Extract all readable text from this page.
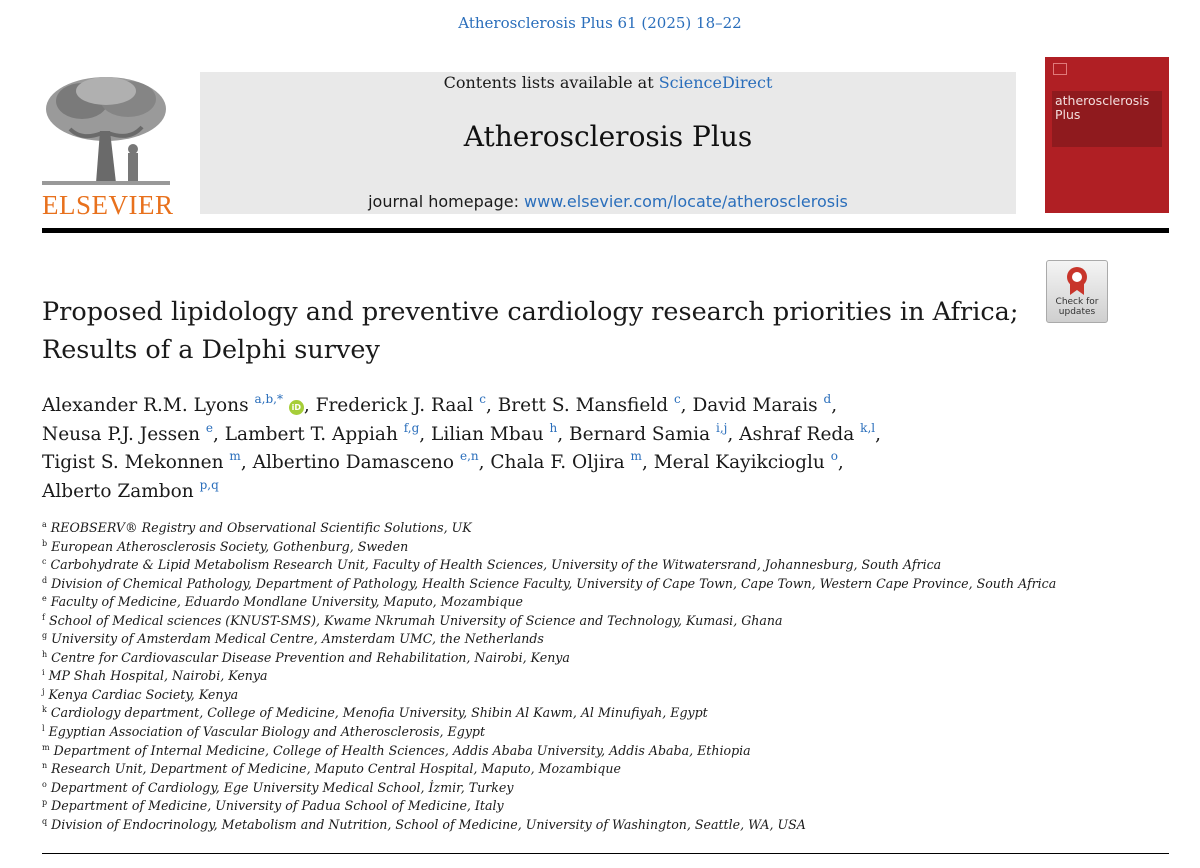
Atherosclerosis Plus 61 (2025) 18–22
ELSEVIER
Contents lists available at ScienceDirect
Atherosclerosis Plus
journal homepage: www.elsevier.com/locate/atherosclerosis
atherosclerosis Plus
Check for
updates
Proposed lipidology and preventive cardiology research priorities in Africa;
Results of a Delphi survey
Alexander R.M. Lyons $^{a,b,*}$ iD , Frederick J. Raal $^c$, Brett S. Mansfield $^c$, David Marais $^d$,
Neusa P.J. Jessen $^e$, Lambert T. Appiah $^{f,g}$, Lilian Mbau $^h$, Bernard Samia $^{i,j}$, Ashraf Reda $^{k,l}$,
Tigist S. Mekonnen $^m$, Albertino Damasceno $^{e,n}$, Chala F. Oljira $^m$, Meral Kayikcioglu $^o$,
Alberto Zambon $^{p,q}$
$^a$ REOBSERV® Registry and Observational Scientific Solutions, UK
$^b$ European Atherosclerosis Society, Gothenburg, Sweden
$^c$ Carbohydrate & Lipid Metabolism Research Unit, Faculty of Health Sciences, University of the Witwatersrand, Johannesburg, South Africa
$^d$ Division of Chemical Pathology, Department of Pathology, Health Science Faculty, University of Cape Town, Cape Town, Western Cape Province, South Africa
$^e$ Faculty of Medicine, Eduardo Mondlane University, Maputo, Mozambique
$^f$ School of Medical sciences (KNUST-SMS), Kwame Nkrumah University of Science and Technology, Kumasi, Ghana
$^g$ University of Amsterdam Medical Centre, Amsterdam UMC, the Netherlands
$^h$ Centre for Cardiovascular Disease Prevention and Rehabilitation, Nairobi, Kenya
$^i$ MP Shah Hospital, Nairobi, Kenya
$^j$ Kenya Cardiac Society, Kenya
$^k$ Cardiology department, College of Medicine, Menofia University, Shibin Al Kawm, Al Minufiyah, Egypt
$^l$ Egyptian Association of Vascular Biology and Atherosclerosis, Egypt
$^m$ Department of Internal Medicine, College of Health Sciences, Addis Ababa University, Addis Ababa, Ethiopia
$^n$ Research Unit, Department of Medicine, Maputo Central Hospital, Maputo, Mozambique
$^o$ Department of Cardiology, Ege University Medical School, İzmir, Turkey
$^p$ Department of Medicine, University of Padua School of Medicine, Italy
$^q$ Division of Endocrinology, Metabolism and Nutrition, School of Medicine, University of Washington, Seattle, WA, USA
